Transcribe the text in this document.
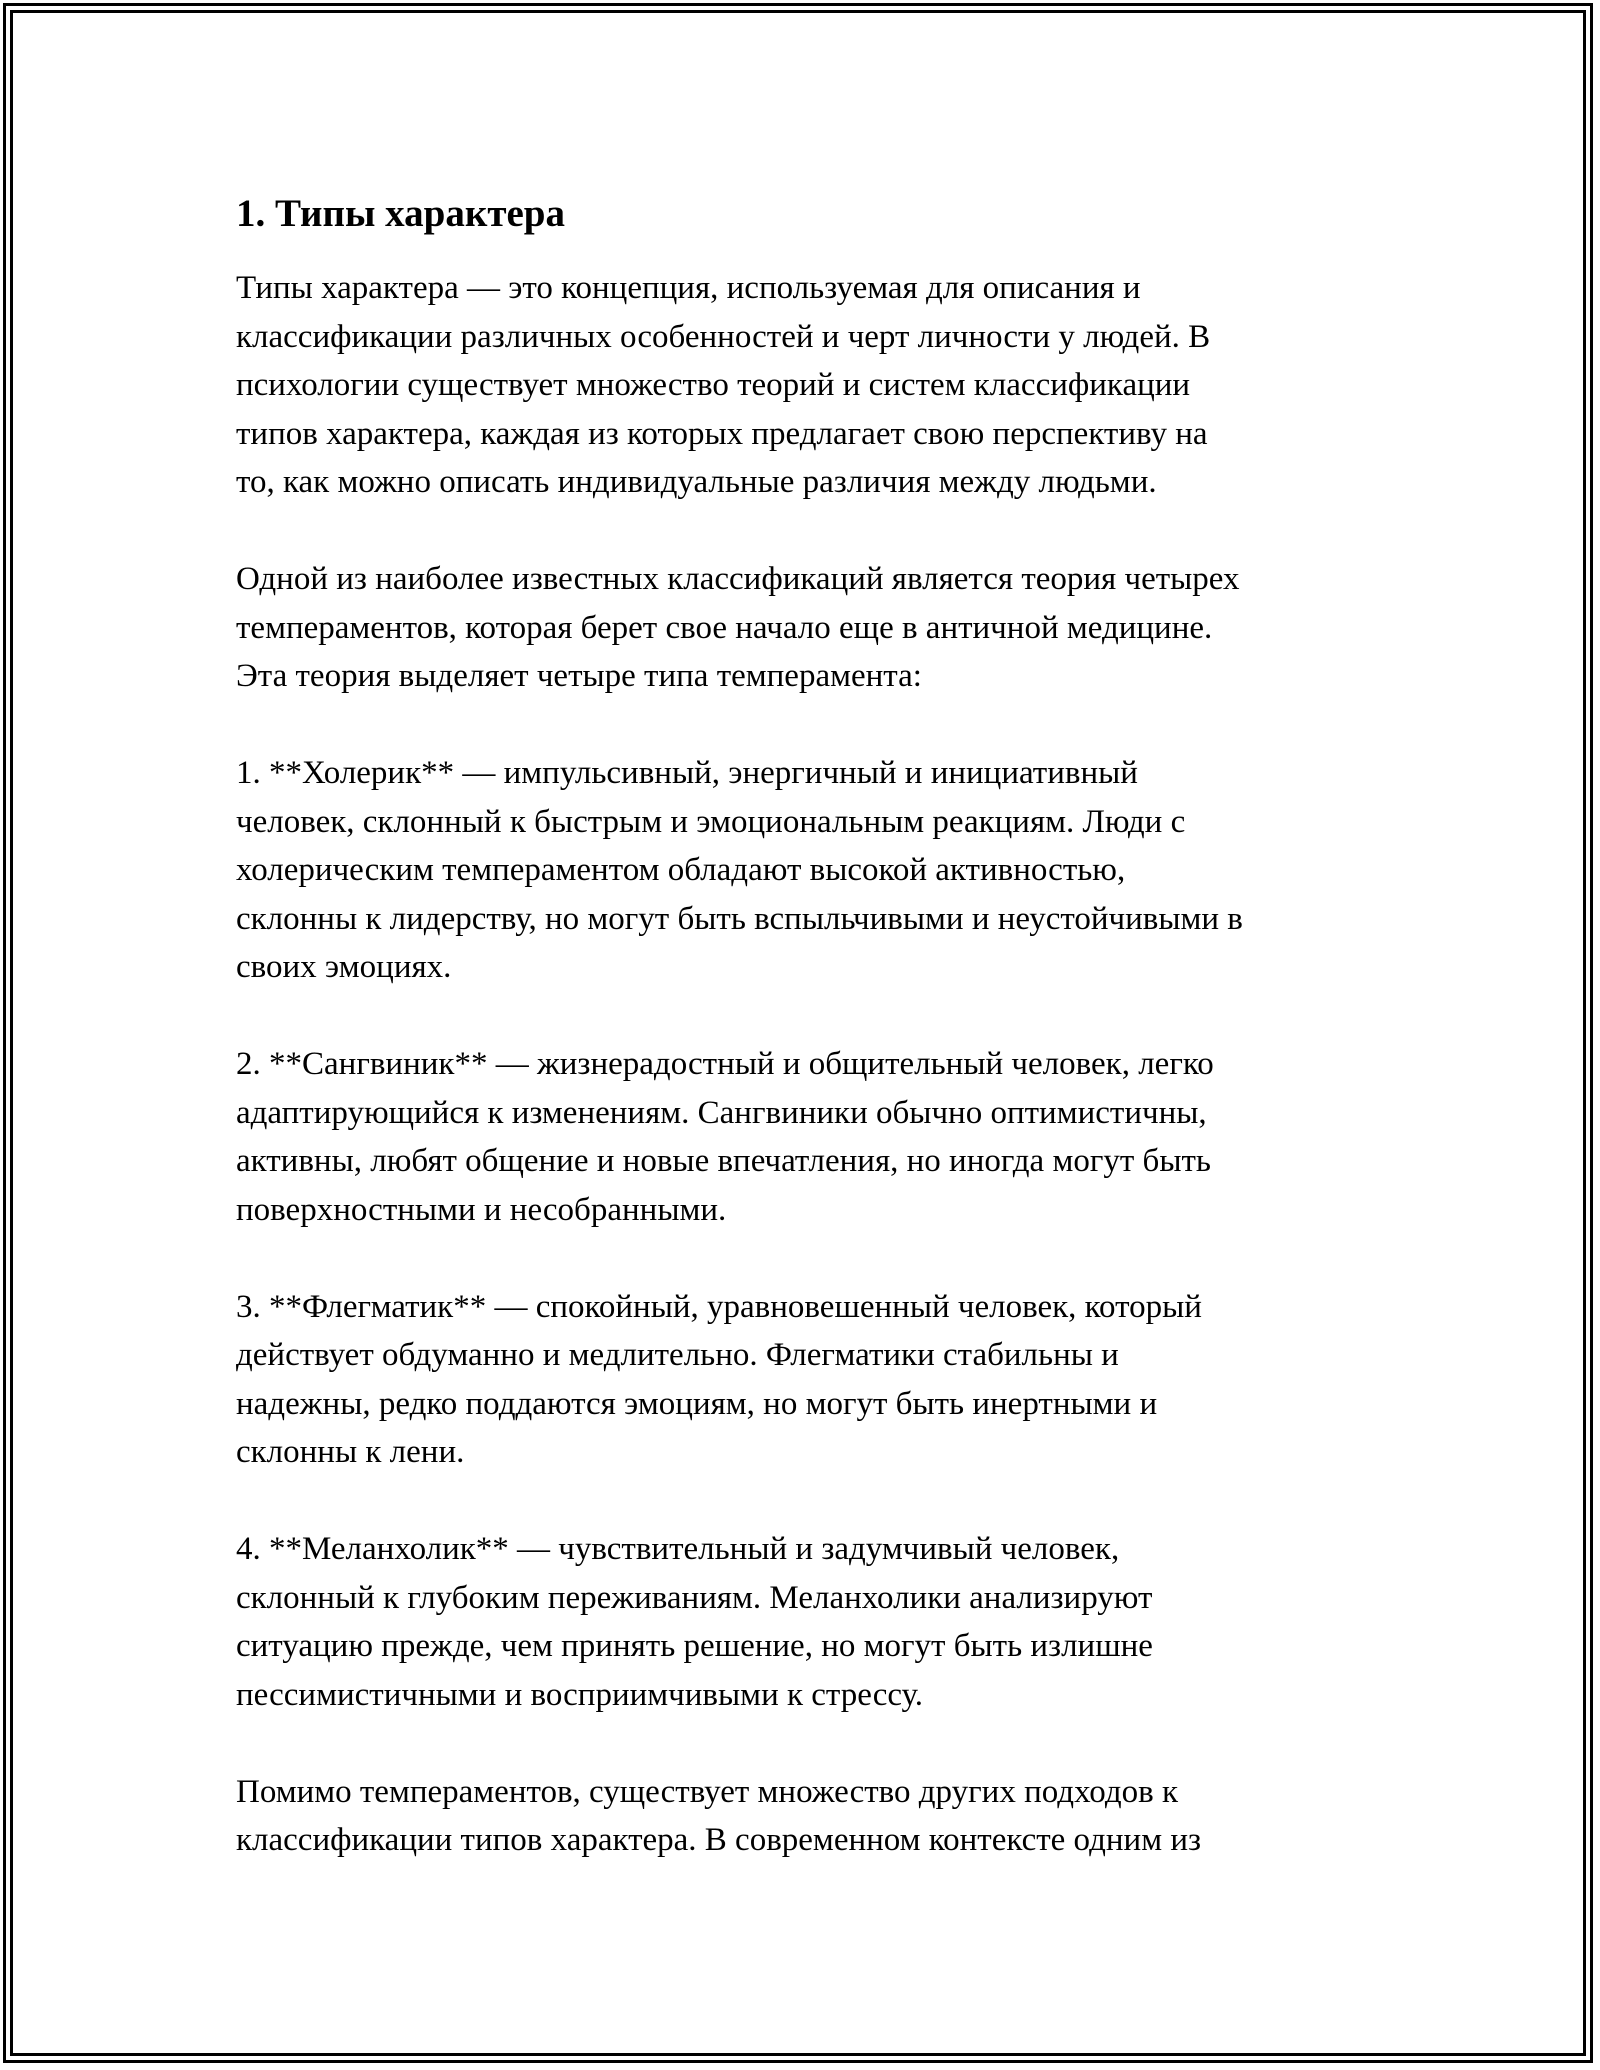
1. Типы характера

Типы характера — это концепция, используемая для описания и
классификации различных особенностей и черт личности у людей. В
психологии существует множество теорий и систем классификации
типов характера, каждая из которых предлагает свою перспективу на
то, как можно описать индивидуальные различия между людьми.

Одной из наиболее известных классификаций является теория четырех
темпераментов, которая берет свое начало еще в античной медицине.
Эта теория выделяет четыре типа темперамента:

1. **Холерик** — импульсивный, энергичный и инициативный
человек, склонный к быстрым и эмоциональным реакциям. Люди с
холерическим темпераментом обладают высокой активностью,
склонны к лидерству, но могут быть вспыльчивыми и неустойчивыми в
своих эмоциях.

2. **Сангвиник** — жизнерадостный и общительный человек, легко
адаптирующийся к изменениям. Сангвиники обычно оптимистичны,
активны, любят общение и новые впечатления, но иногда могут быть
поверхностными и несобранными.

3. **Флегматик** — спокойный, уравновешенный человек, который
действует обдуманно и медлительно. Флегматики стабильны и
надежны, редко поддаются эмоциям, но могут быть инертными и
склонны к лени.

4. **Меланхолик** — чувствительный и задумчивый человек,
склонный к глубоким переживаниям. Меланхолики анализируют
ситуацию прежде, чем принять решение, но могут быть излишне
пессимистичными и восприимчивыми к стрессу.

Помимо темпераментов, существует множество других подходов к
классификации типов характера. В современном контексте одним из
